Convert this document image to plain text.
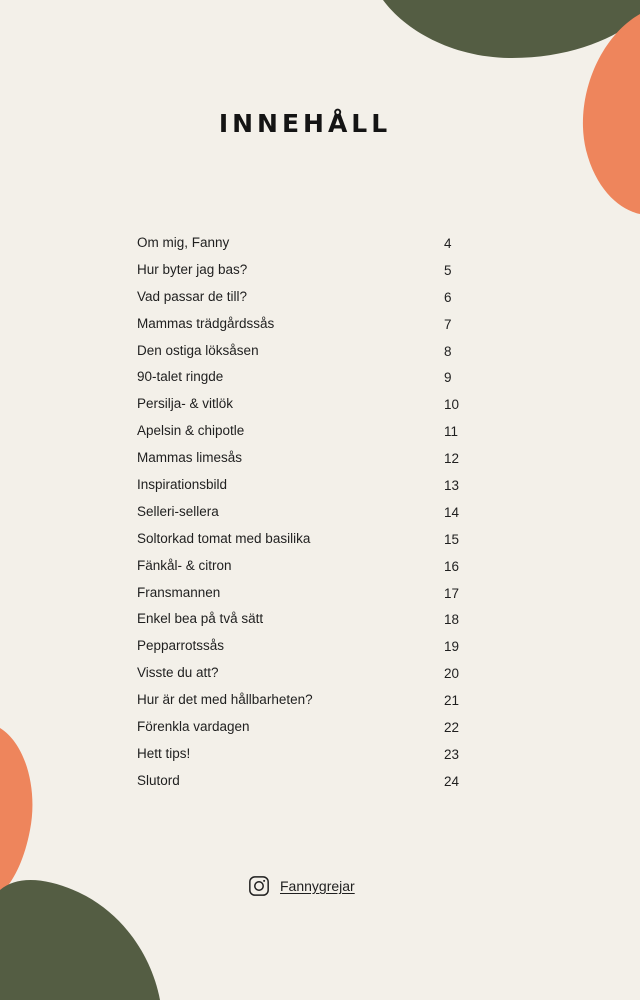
INNEHÅLL
Om mig, Fanny	4
Hur byter jag bas?	5
Vad passar de till?	6
Mammas trädgårdssås	7
Den ostiga löksåsen	8
90-talet ringde	9
Persilja- & vitlök	10
Apelsin & chipotle	11
Mammas limesås	12
Inspirationsbild	13
Selleri-sellera	14
Soltorkad tomat med basilika	15
Fänkål- & citron	16
Fransmannen	17
Enkel bea på två sätt	18
Pepparrotssås	19
Visste du att?	20
Hur är det med hållbarheten?	21
Förenkla vardagen	22
Hett tips!	23
Slutord	24
Fannygrejar
